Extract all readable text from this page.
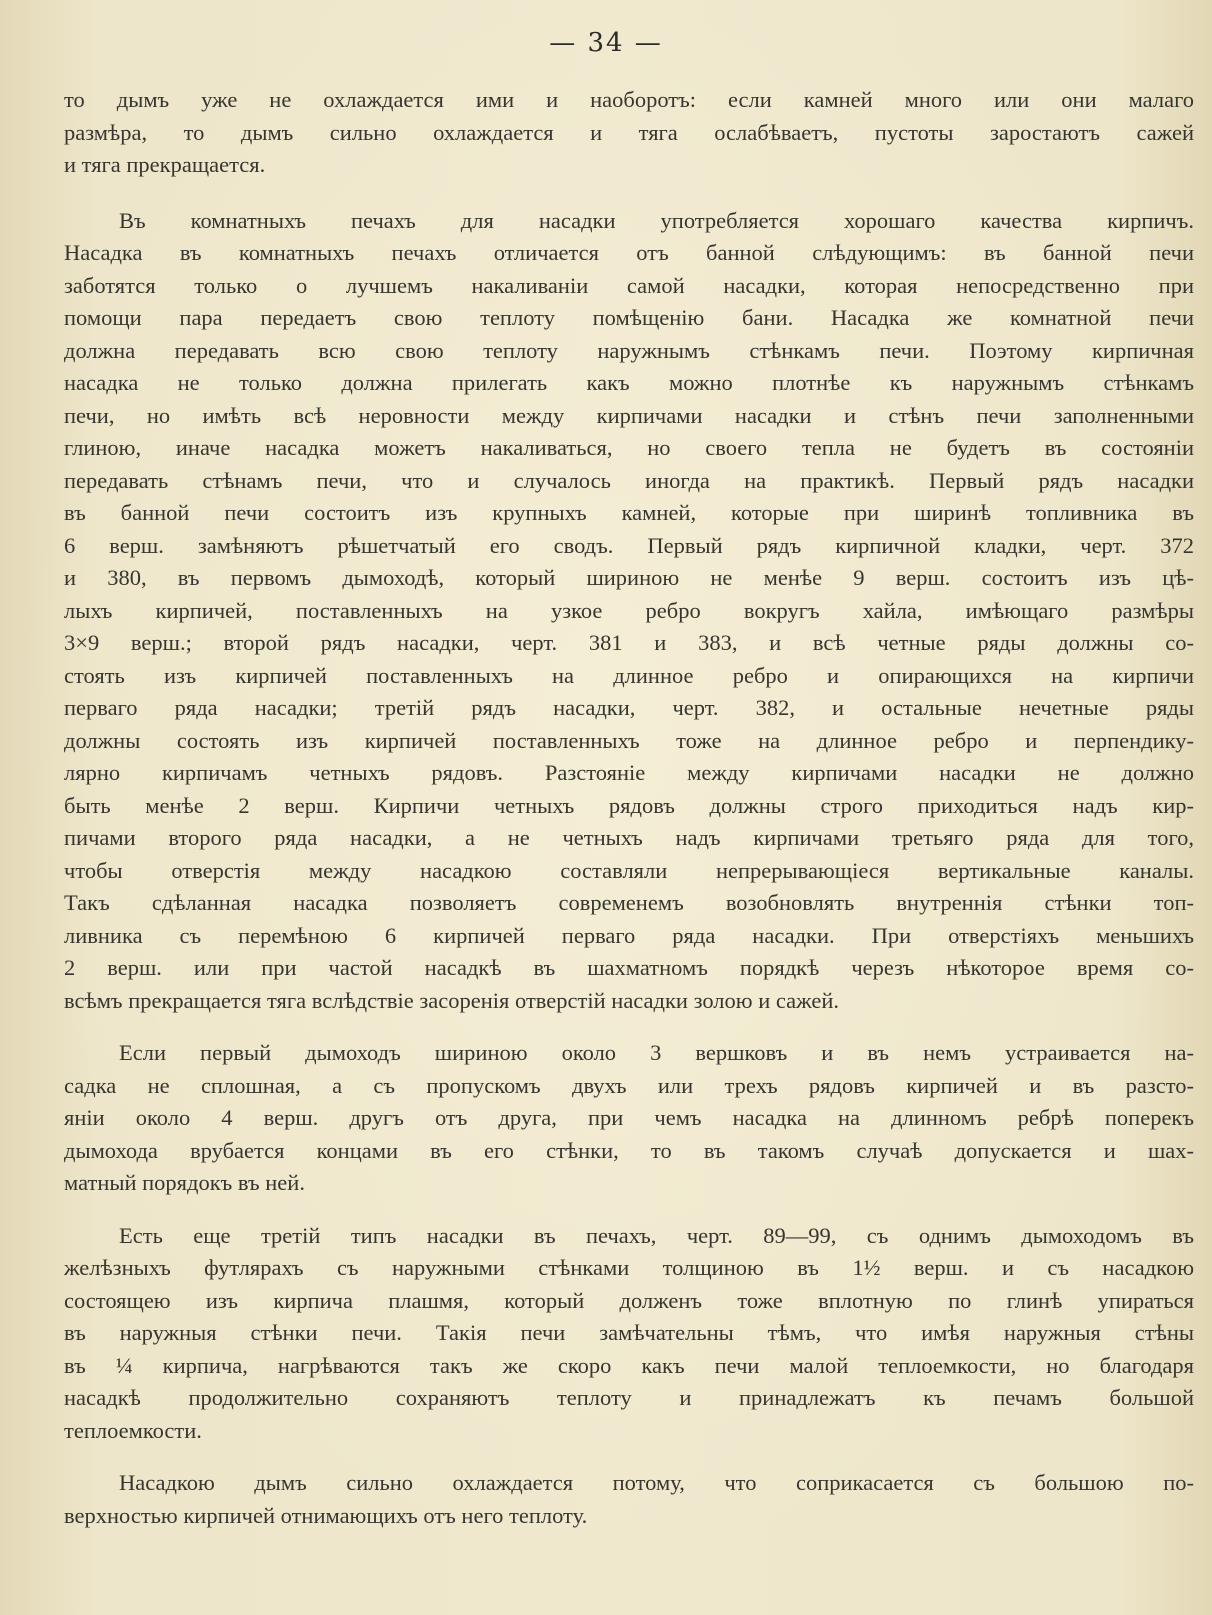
— 34 —
то дымъ уже не охлаждается ими и наоборотъ: если камней много или они малаго
размѣра, то дымъ сильно охлаждается и тяга ослабѣваетъ, пустоты заростаютъ сажей
и тяга прекращается.
Въ комнатныхъ печахъ для насадки употребляется хорошаго качества кирпичъ.
Насадка въ комнатныхъ печахъ отличается отъ банной слѣдующимъ: въ банной печи
заботятся только о лучшемъ накаливаніи самой насадки, которая непосредственно при
помощи пара передаетъ свою теплоту помѣщенію бани. Насадка же комнатной печи
должна передавать всю свою теплоту наружнымъ стѣнкамъ печи. Поэтому кирпичная
насадка не только должна прилегать какъ можно плотнѣе къ наружнымъ стѣнкамъ
печи, но имѣть всѣ неровности между кирпичами насадки и стѣнъ печи заполненными
глиною, иначе насадка можетъ накаливаться, но своего тепла не будетъ въ состояніи
передавать стѣнамъ печи, что и случалось иногда на практикѣ. Первый рядъ насадки
въ банной печи состоитъ изъ крупныхъ камней, которые при ширинѣ топливника въ
6 верш. замѣняютъ рѣшетчатый его сводъ. Первый рядъ кирпичной кладки, черт. 372
и 380, въ первомъ дымоходѣ, который шириною не менѣе 9 верш. состоитъ изъ цѣ-
лыхъ кирпичей, поставленныхъ на узкое ребро вокругъ хайла, имѣющаго размѣры
3×9 верш.; второй рядъ насадки, черт. 381 и 383, и всѣ четные ряды должны со-
стоять изъ кирпичей поставленныхъ на длинное ребро и опирающихся на кирпичи
перваго ряда насадки; третій рядъ насадки, черт. 382, и остальные нечетные ряды
должны состоять изъ кирпичей поставленныхъ тоже на длинное ребро и перпендику-
лярно кирпичамъ четныхъ рядовъ. Разстояніе между кирпичами насадки не должно
быть менѣе 2 верш. Кирпичи четныхъ рядовъ должны строго приходиться надъ кир-
пичами второго ряда насадки, а не четныхъ надъ кирпичами третьяго ряда для того,
чтобы отверстія между насадкою составляли непрерывающіеся вертикальные каналы.
Такъ сдѣланная насадка позволяетъ современемъ возобновлять внутреннія стѣнки топ-
ливника съ перемѣною 6 кирпичей перваго ряда насадки. При отверстіяхъ меньшихъ
2 верш. или при частой насадкѣ въ шахматномъ порядкѣ черезъ нѣкоторое время со-
всѣмъ прекращается тяга вслѣдствіе засоренія отверстій насадки золою и сажей.
Если первый дымоходъ шириною около 3 вершковъ и въ немъ устраивается на-
садка не сплошная, а съ пропускомъ двухъ или трехъ рядовъ кирпичей и въ разсто-
яніи около 4 верш. другъ отъ друга, при чемъ насадка на длинномъ ребрѣ поперекъ
дымохода врубается концами въ его стѣнки, то въ такомъ случаѣ допускается и шах-
матный порядокъ въ ней.
Есть еще третій типъ насадки въ печахъ, черт. 89—99, съ однимъ дымоходомъ въ
желѣзныхъ футлярахъ съ наружными стѣнками толщиною въ 1½ верш. и съ насадкою
состоящею изъ кирпича плашмя, который долженъ тоже вплотную по глинѣ упираться
въ наружныя стѣнки печи. Такія печи замѣчательны тѣмъ, что имѣя наружныя стѣны
въ ¼ кирпича, нагрѣваются такъ же скоро какъ печи малой теплоемкости, но благодаря
насадкѣ продолжительно сохраняютъ теплоту и принадлежатъ къ печамъ большой
теплоемкости.
Насадкою дымъ сильно охлаждается потому, что соприкасается съ большою по-
верхностью кирпичей отнимающихъ отъ него теплоту.
